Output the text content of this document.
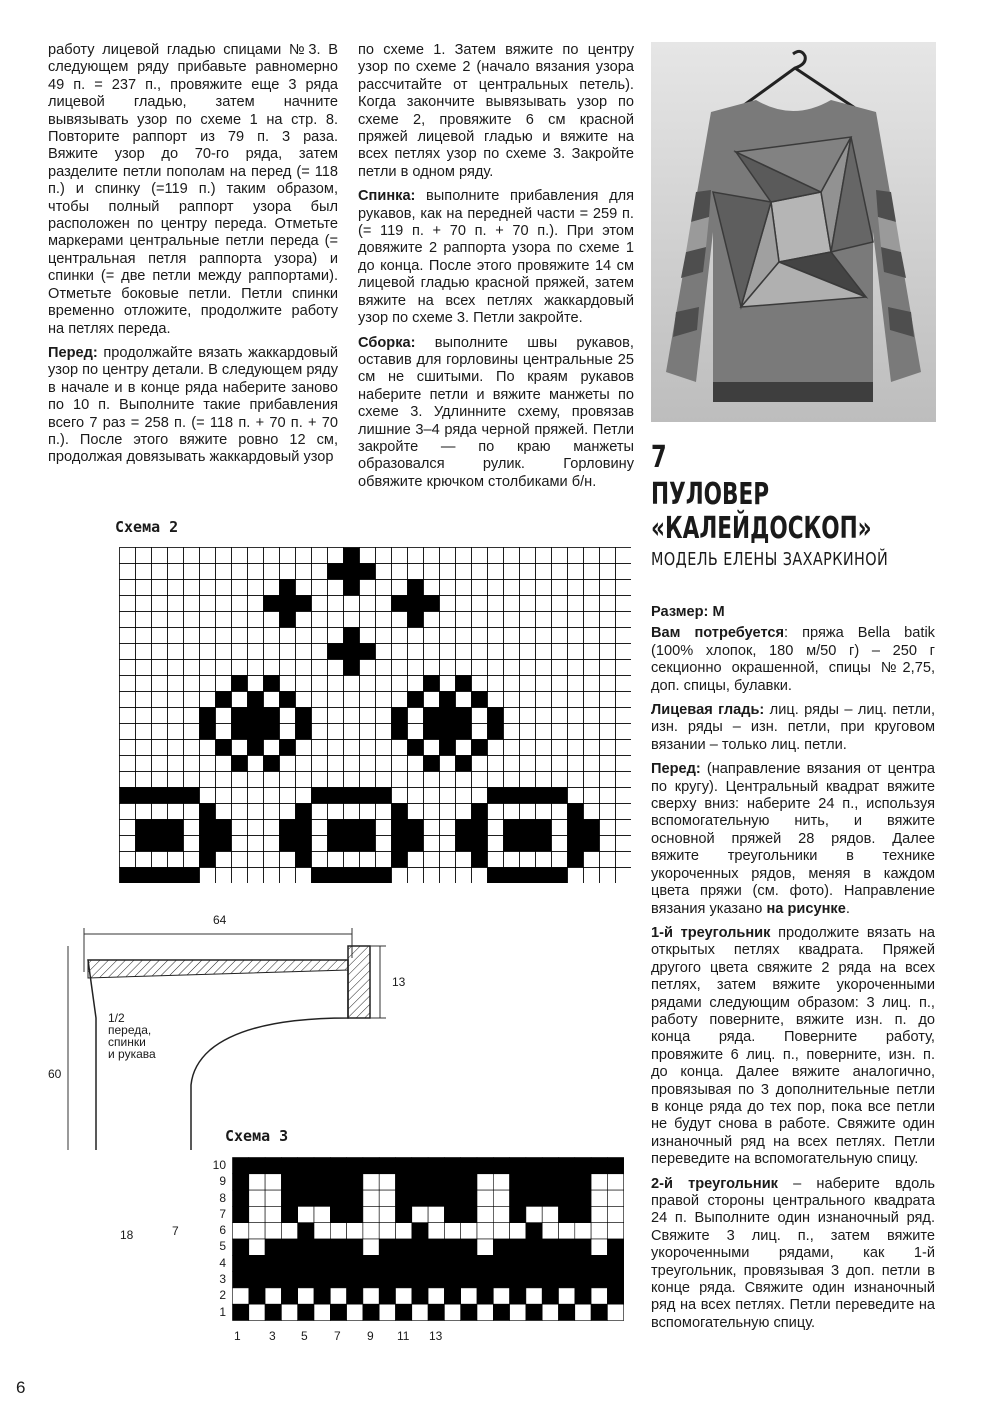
работу лицевой гладью спицами №3. В следующем ряду прибавьте равномерно 49 п. = 237 п., провяжите еще 3 ряда лицевой гладью, затем начните вывязывать узор по схеме 1 на стр. 8. Повторите раппорт из 79 п. 3 раза. Вяжите узор до 70-го ряда, затем разделите петли пополам на перед (= 118 п.) и спинку (=119 п.) таким образом, чтобы полный раппорт узора был расположен по центру переда. Отметьте маркерами центральные петли переда (= центральная петля раппорта узора) и спинки (= две петли между раппортами). Отметьте боковые петли. Петли спинки временно отложите, продолжите работу на петлях переда.

Перед: продолжайте вязать жаккардовый узор по центру детали. В следующем ряду в начале и в конце ряда наберите заново по 10 п. Выполните такие прибавления всего 7 раз = 258 п. (= 118 п. + 70 п. + 70 п.). После этого вяжите ровно 12 см, продолжая довязывать жаккардовый узор

по схеме 1. Затем вяжите по центру узор по схеме 2 (начало вязания узора рассчитайте от центральных петель). Когда закончите вывязывать узор по схеме 2, провяжите 6 см красной пряжей лицевой гладью и вяжите на всех петлях узор по схеме 3. Закройте петли в одном ряду.

Спинка: выполните прибавления для рукавов, как на передней части = 259 п. (= 119 п. + 70 п. + 70 п.). При этом довяжите 2 раппорта узора по схеме 1 до конца. После этого провяжите 14 см лицевой гладью красной пряжей, затем вяжите на всех петлях жаккардовый узор по схеме 3. Петли закройте.

Сборка: выполните швы рукавов, оставив для горловины центральные 25 см не сшитыми. По краям рукавов наберите петли и вяжите манжеты по схеме 3. Удлинните схему, провязав лишние 3–4 ряда черной пряжей. Петли закройте — по краю манжеты образовался рулик. Горловину обвяжите крючком столбиками б/н.

7
ПУЛОВЕР
«КАЛЕЙДОСКОП»
МОДЕЛЬ ЕЛЕНЫ ЗАХАРКИНОЙ

Размер: М

Вам потребуется: пряжа Bella batik (100% хлопок, 180 м/50 г) – 250 г секционно окрашенной, спицы №2,75, доп. спицы, булавки.

Лицевая гладь: лиц. ряды – лиц. петли, изн. ряды – изн. петли, при круговом вязании – только лиц. петли.

Перед: (направление вязания от центра по кругу). Центральный квадрат вяжите сверху вниз: наберите 24 п., используя вспомогательную нить, и вяжите основной пряжей 28 рядов. Далее вяжите треугольники в технике укороченных рядов, меняя в каждом цвета пряжи (см. фото). Направление вязания указано на рисунке.

1-й треугольник продолжите вязать на открытых петлях квадрата. Пряжей другого цвета свяжите 2 ряда на всех петлях, затем вяжите укороченными рядами следующим образом: 3 лиц. п., работу поверните, вяжите изн. п. до конца ряда. Поверните работу, провяжите 6 лиц. п., поверните, изн. п. до конца. Далее вяжите аналогично, провязывая по 3 дополнительные петли в конце ряда до тех пор, пока все петли не будут снова в работе. Свяжите один изнаночный ряд на всех петлях. Петли переведите на вспомогательную спицу.

2-й треугольник – наберите вдоль правой стороны центрального квадрата 24 п. Выполните один изнаночный ряд. Свяжите 3 лиц. п., затем вяжите укороченными рядами, как 1-й треугольник, провязывая 3 доп. петли в конце ряда. Свяжите один изнаночный ряд на всех петлях. Петли переведите на вспомогательную спицу.

Схема 2
64
60
13
18	7
1/2
переда,
спинки
и рукава
Схема 3
10
9
8
7
6
5
4
3
2
1
1 3 5 7 9 11 13
6
